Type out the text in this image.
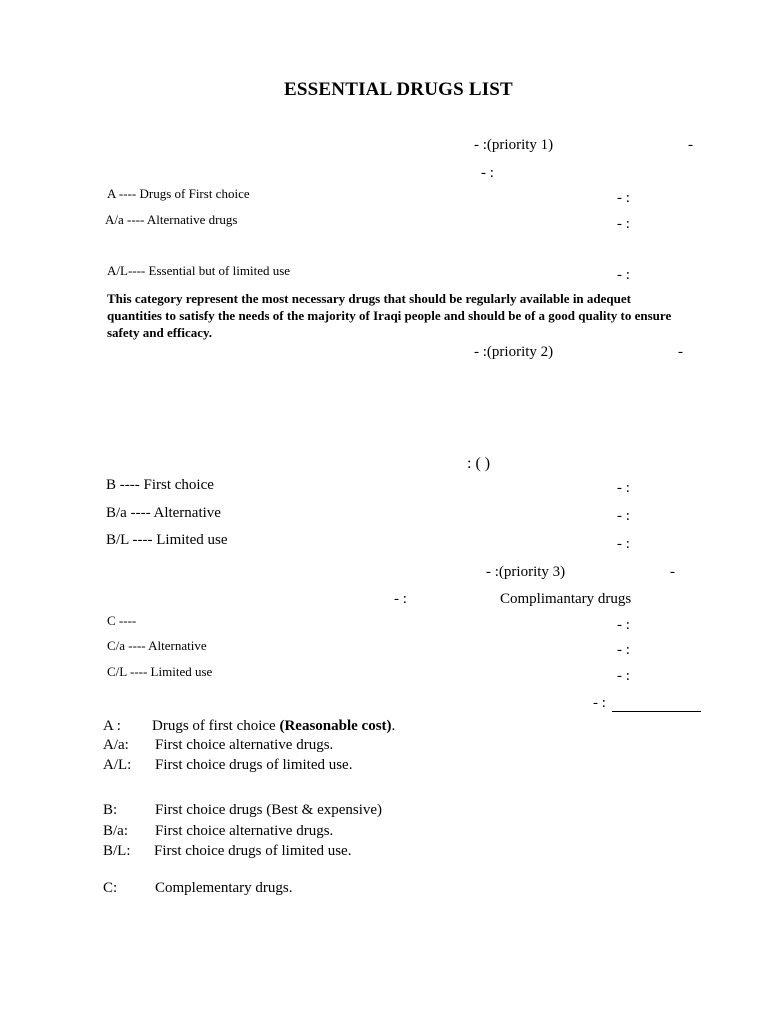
ESSENTIAL DRUGS LIST
- :(priority 1)	-
- :
A ---- Drugs of First choice	- :
A/a ---- Alternative drugs	- :
A/L---- Essential but of limited use	- :
This category represent the most necessary drugs that should be regularly available in adequet quantities to satisfy the needs of the majority of Iraqi people and should be of a good quality to ensure safety and efficacy.
- :(priority 2)	-
: ( )
B ---- First choice	- :
B/a ---- Alternative	- :
B/L ---- Limited use	- :
- :(priority 3)	-
- :	Complimantary drugs
C ----	- :
C/a ---- Alternative	- :
C/L ---- Limited use	- :
- :
A : Drugs of first choice (Reasonable cost).
A/a: First choice alternative drugs.
A/L: First choice drugs of limited use.
B:	First choice drugs (Best & expensive)
B/a: First choice alternative drugs.
B/L: First choice drugs of limited use.
C:	Complementary drugs.
